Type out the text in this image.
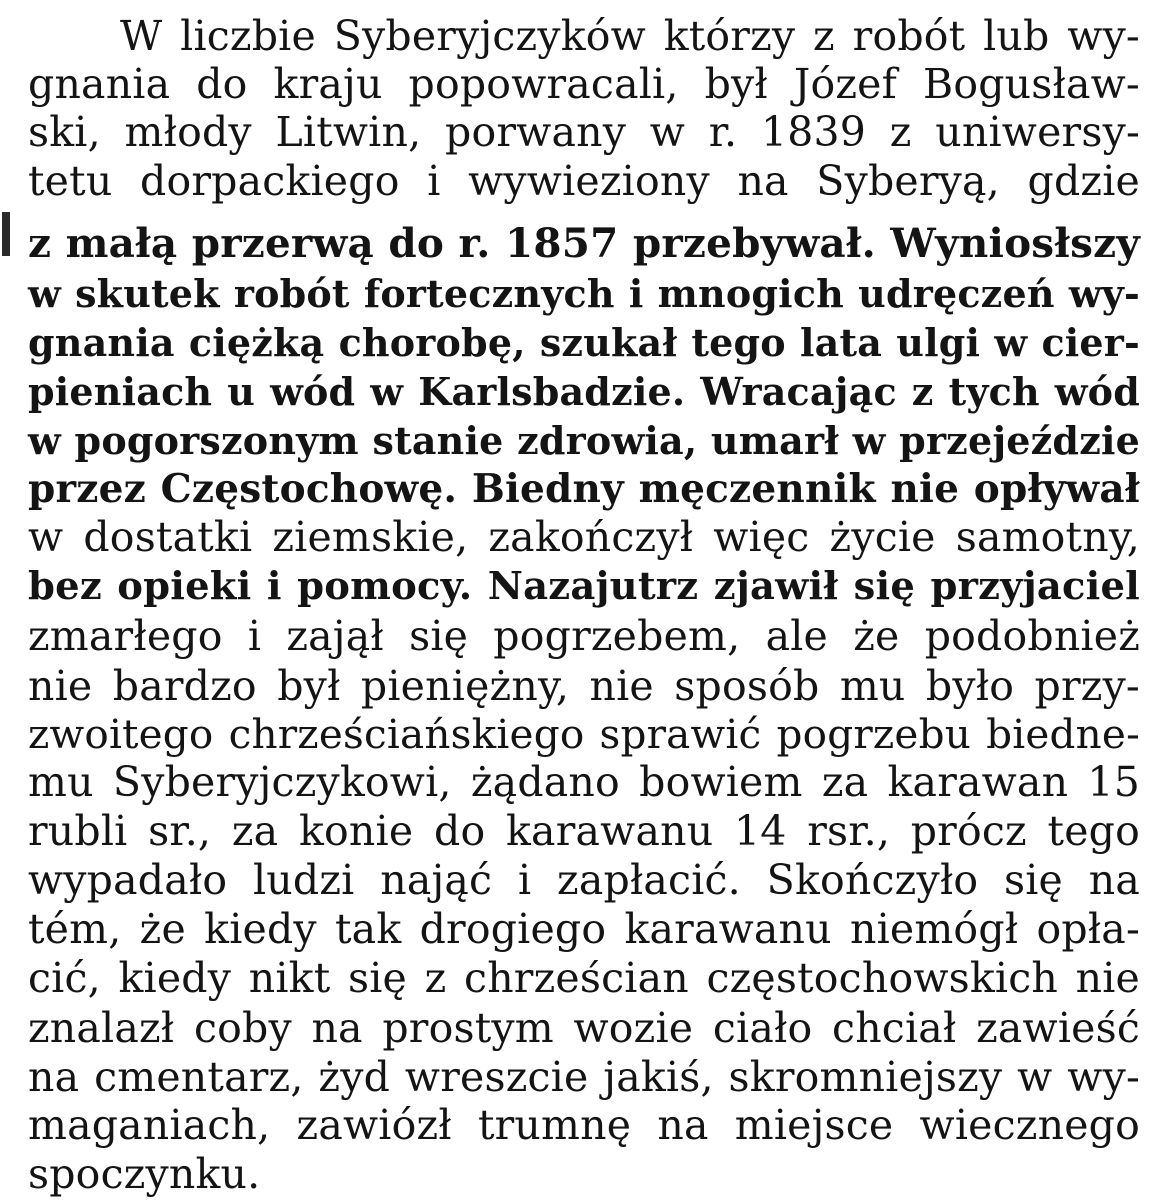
W liczbie Syberyjczyków którzy z robót lub wy-
gnania do kraju popowracali, był Józef Bogusław-
ski, młody Litwin, porwany w r. 1839 z uniwersy-
tetu dorpackiego i wywieziony na Syberyą, gdzie
z małą przerwą do r. 1857 przebywał. Wyniosłszy
w skutek robót fortecznych i mnogich udręczeń wy-
gnania ciężką chorobę, szukał tego lata ulgi w cier-
pieniach u wód w Karlsbadzie. Wracając z tych wód
w pogorszonym stanie zdrowia, umarł w przejeździe
przez Częstochowę. Biedny męczennik nie opływał
w dostatki ziemskie, zakończył więc życie samotny,
bez opieki i pomocy. Nazajutrz zjawił się przyjaciel
zmarłego i zajął się pogrzebem, ale że podobnież
nie bardzo był pieniężny, nie sposób mu było przy-
zwoitego chrześciańskiego sprawić pogrzebu biedne-
mu Syberyjczykowi, żądano bowiem za karawan 15
rubli sr., za konie do karawanu 14 rsr., prócz tego
wypadało ludzi nająć i zapłacić. Skończyło się na
tém, że kiedy tak drogiego karawanu niemógł opła-
cić, kiedy nikt się z chrześcian częstochowskich nie
znalazł coby na prostym wozie ciało chciał zawieść
na cmentarz, żyd wreszcie jakiś, skromniejszy w wy-
maganiach, zawiózł trumnę na miejsce wiecznego
spoczynku.
